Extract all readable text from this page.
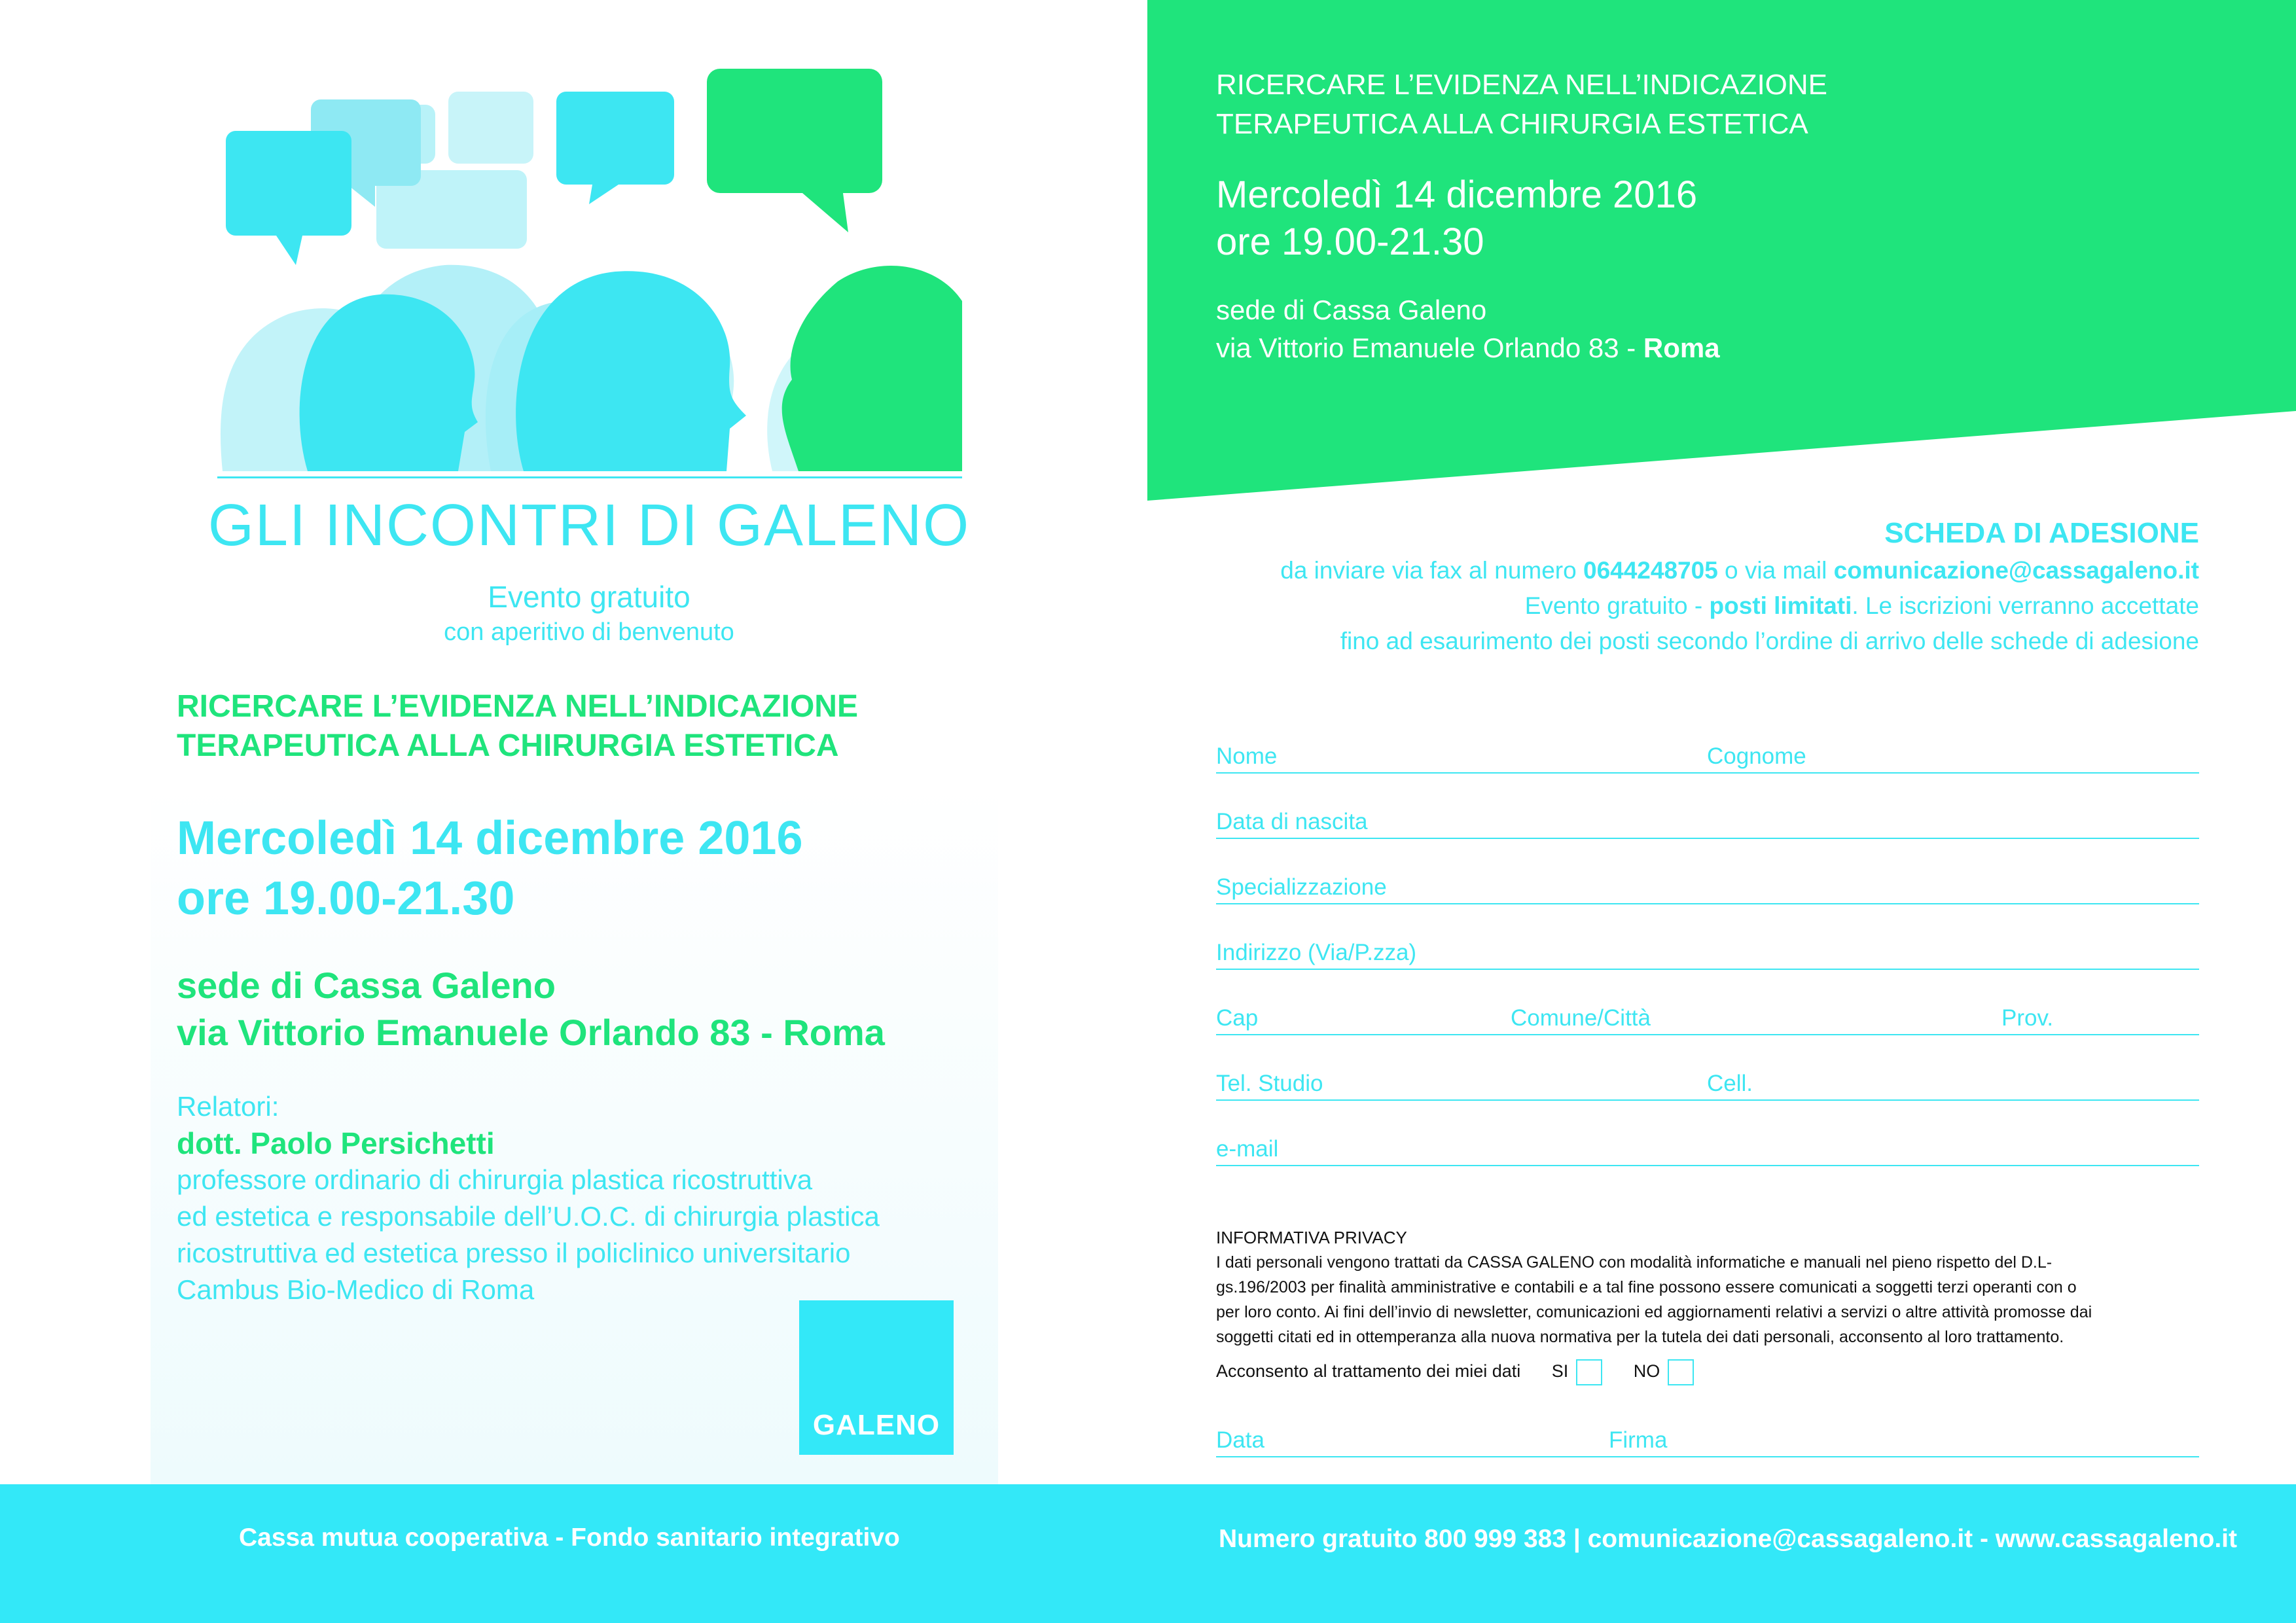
GLI INCONTRI DI GALENO
Evento gratuito
con aperitivo di benvenuto
RICERCARE L’EVIDENZA NELL’INDICAZIONE
TERAPEUTICA ALLA CHIRURGIA ESTETICA
Mercoledì 14 dicembre 2016
ore 19.00-21.30
sede di Cassa Galeno
via Vittorio Emanuele Orlando 83 - Roma
Relatori:
dott. Paolo Persichetti
professore ordinario di chirurgia plastica ricostruttiva
ed estetica e responsabile dell’U.O.C. di chirurgia plastica
ricostruttiva ed estetica presso il policlinico universitario
Cambus Bio-Medico di Roma
GALENO
RICERCARE L’EVIDENZA NELL’INDICAZIONE
TERAPEUTICA ALLA CHIRURGIA ESTETICA
Mercoledì 14 dicembre 2016
ore 19.00-21.30
sede di Cassa Galeno
via Vittorio Emanuele Orlando 83 - Roma
SCHEDA DI ADESIONE
da inviare via fax al numero 0644248705 o via mail comunicazione@cassagaleno.it
Evento gratuito - posti limitati. Le iscrizioni verranno accettate
fino ad esaurimento dei posti secondo l’ordine di arrivo delle schede di adesione
Nome	Cognome
Data di nascita
Specializzazione
Indirizzo (Via/P.zza)
Cap	Comune/Città	Prov.
Tel. Studio	Cell.
e-mail
INFORMATIVA PRIVACY
I dati personali vengono trattati da CASSA GALENO con modalità informatiche e manuali nel pieno rispetto del D.L-
gs.196/2003 per finalità amministrative e contabili e a tal fine possono essere comunicati a soggetti terzi operanti con o
per loro conto. Ai fini dell’invio di newsletter, comunicazioni ed aggiornamenti relativi a servizi o altre attività promosse dai
soggetti citati ed in ottemperanza alla nuova normativa per la tutela dei dati personali, acconsento al loro trattamento.
Acconsento al trattamento dei miei dati SI	NO
Data	Firma
Cassa mutua cooperativa - Fondo sanitario integrativo	Numero gratuito 800 999 383 | comunicazione@cassagaleno.it - www.cassagaleno.it
